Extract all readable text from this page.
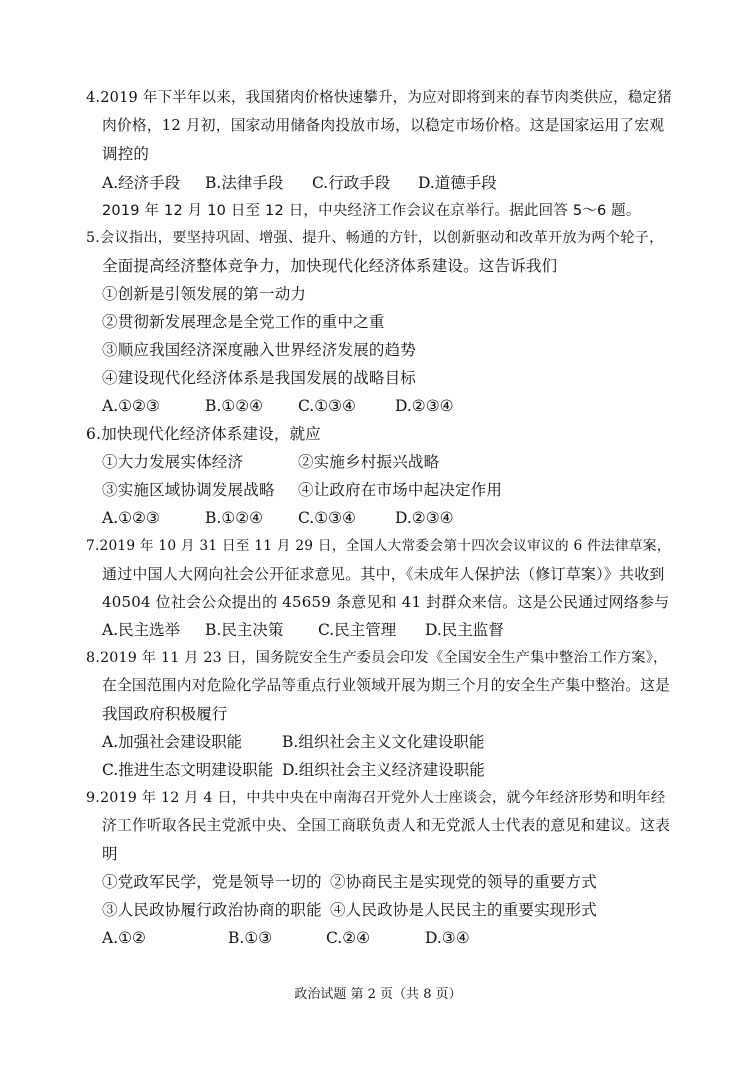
4.2019 年下半年以来，我国猪肉价格快速攀升，为应对即将到来的春节肉类供应，稳定猪
肉价格，12 月初，国家动用储备肉投放市场，以稳定市场价格。这是国家运用了宏观
调控的
A.经济手段 B.法律手段 C.行政手段 D.道德手段
2019 年 12 月 10 日至 12 日，中央经济工作会议在京举行。据此回答 5～6 题。
5.会议指出，要坚持巩固、增强、提升、畅通的方针，以创新驱动和改革开放为两个轮子，
全面提高经济整体竞争力，加快现代化经济体系建设。这告诉我们
①创新是引领发展的第一动力
②贯彻新发展理念是全党工作的重中之重
③顺应我国经济深度融入世界经济发展的趋势
④建设现代化经济体系是我国发展的战略目标
A.①②③	B.①②④ C.①③④	D.②③④
6.加快现代化经济体系建设，就应
①大力发展实体经济	②实施乡村振兴战略
③实施区域协调发展战略 ④让政府在市场中起决定作用
A.①②③	B.①②④ C.①③④	D.②③④
7.2019 年 10 月 31 日至 11 月 29 日，全国人大常委会第十四次会议审议的 6 件法律草案，
通过中国人大网向社会公开征求意见。其中，《未成年人保护法（修订草案）》共收到
40504 位社会公众提出的 45659 条意见和 41 封群众来信。这是公民通过网络参与
A.民主选举 B.民主决策 C.民主管理 D.民主监督
8.2019 年 11 月 23 日，国务院安全生产委员会印发《全国安全生产集中整治工作方案》，
在全国范围内对危险化学品等重点行业领域开展为期三个月的安全生产集中整治。这是
我国政府积极履行
A.加强社会建设职能	B.组织社会主义文化建设职能
C.推进生态文明建设职能 D.组织社会主义经济建设职能
9.2019 年 12 月 4 日，中共中央在中南海召开党外人士座谈会，就今年经济形势和明年经
济工作听取各民主党派中央、全国工商联负责人和无党派人士代表的意见和建议。这表
明
①党政军民学，党是领导一切的 ②协商民主是实现党的领导的重要方式
③人民政协履行政治协商的职能 ④人民政协是人民民主的重要实现形式
A.①②	B.①③	C.②④	D.③④
政治试题 第 2 页（共 8 页）
